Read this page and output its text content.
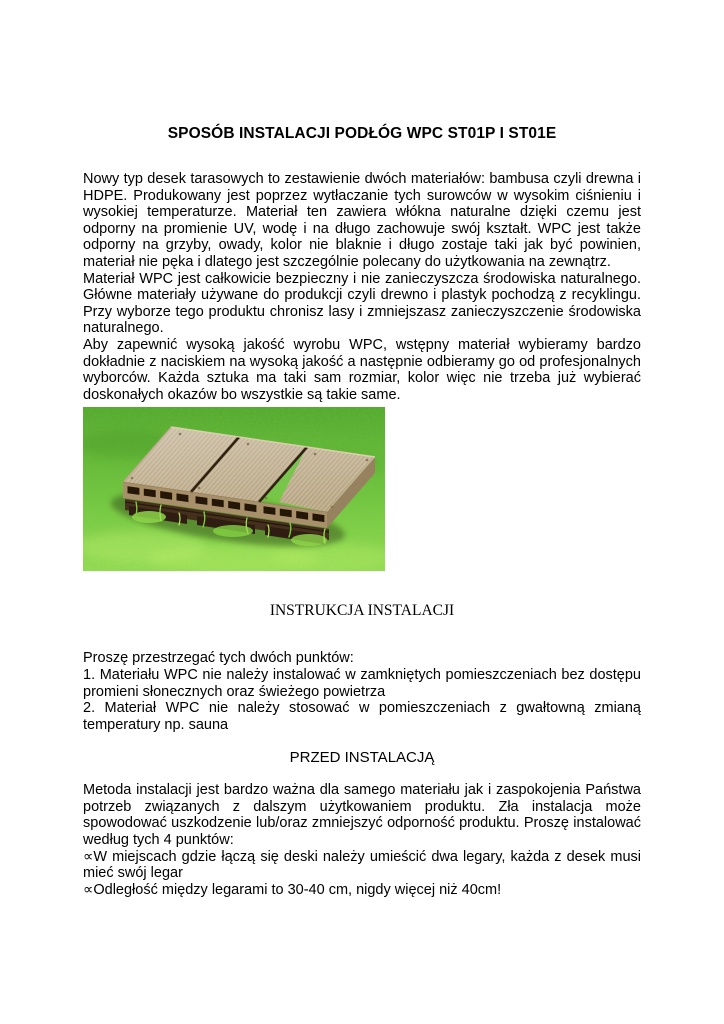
SPOSÓB INSTALACJI PODŁÓG WPC ST01P I ST01E

Nowy typ desek tarasowych to zestawienie dwóch materiałów: bambusa czyli drewna i HDPE. Produkowany jest poprzez wytłaczanie tych surowców w wysokim ciśnieniu i wysokiej temperaturze. Materiał ten zawiera włókna naturalne dzięki czemu jest odporny na promienie UV, wodę i na długo zachowuje swój kształt. WPC jest także odporny na grzyby, owady, kolor nie blaknie i długo zostaje taki jak być powinien, materiał nie pęka i dlatego jest szczególnie polecany do użytkowania na zewnątrz.

Materiał WPC jest całkowicie bezpieczny i nie zanieczyszcza środowiska naturalnego. Główne materiały używane do produkcji czyli drewno i plastyk pochodzą z recyklingu. Przy wyborze tego produktu chronisz lasy i zmniejszasz zanieczyszczenie środowiska naturalnego.

Aby zapewnić wysoką jakość wyrobu WPC, wstępny materiał wybieramy bardzo dokładnie z naciskiem na wysoką jakość a następnie odbieramy go od profesjonalnych wyborców. Każda sztuka ma taki sam rozmiar, kolor więc nie trzeba już wybierać doskonałych okazów bo wszystkie są takie same.

INSTRUKCJA INSTALACJI

Proszę przestrzegać tych dwóch punktów:

1. Materiału WPC nie należy instalować w zamkniętych pomieszczeniach bez dostępu promieni słonecznych oraz świeżego powietrza

2. Materiał WPC nie należy stosować w pomieszczeniach z gwałtowną zmianą temperatury np. sauna

PRZED INSTALACJĄ

Metoda instalacji jest bardzo ważna dla samego materiału jak i zaspokojenia Państwa potrzeb związanych z dalszym użytkowaniem produktu. Zła instalacja może spowodować uszkodzenie lub/oraz zmniejszyć odporność produktu. Proszę instalować według tych 4 punktów:

∝W miejscach gdzie łączą się deski należy umieścić dwa legary, każda z desek musi mieć swój legar

∝Odległość między legarami to 30-40 cm, nigdy więcej niż 40cm!
